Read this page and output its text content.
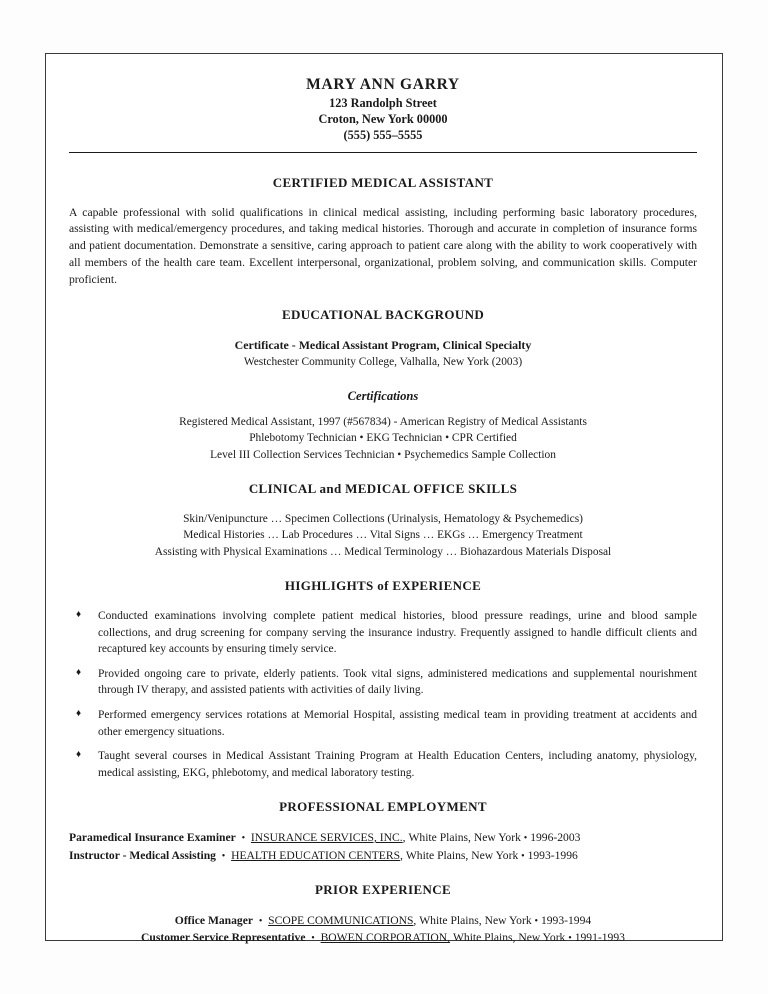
MARY ANN GARRY
123 Randolph Street
Croton, New York 00000
(555) 555–5555
CERTIFIED MEDICAL ASSISTANT

A capable professional with solid qualifications in clinical medical assisting, including performing basic laboratory procedures, assisting with medical/emergency procedures, and taking medical histories. Thorough and accurate in completion of insurance forms and patient documentation. Demonstrate a sensitive, caring approach to patient care along with the ability to work cooperatively with all members of the health care team. Excellent interpersonal, organizational, problem solving, and communication skills. Computer proficient.

EDUCATIONAL BACKGROUND
Certificate - Medical Assistant Program, Clinical Specialty
Westchester Community College, Valhalla, New York (2003)
Certifications
Registered Medical Assistant, 1997 (#567834) - American Registry of Medical Assistants
Phlebotomy Technician • EKG Technician • CPR Certified
Level III Collection Services Technician • Psychemedics Sample Collection
CLINICAL and MEDICAL OFFICE SKILLS
Skin/Venipuncture … Specimen Collections (Urinalysis, Hematology & Psychemedics)
Medical Histories … Lab Procedures … Vital Signs … EKGs … Emergency Treatment
Assisting with Physical Examinations … Medical Terminology … Biohazardous Materials Disposal
HIGHLIGHTS of EXPERIENCE
♦ Conducted examinations involving complete patient medical histories, blood pressure readings, urine and blood sample collections, and drug screening for company serving the insurance industry. Frequently assigned to handle difficult clients and recaptured key accounts by ensuring timely service.
♦ Provided ongoing care to private, elderly patients. Took vital signs, administered medications and supplemental nourishment through IV therapy, and assisted patients with activities of daily living.
♦ Performed emergency services rotations at Memorial Hospital, assisting medical team in providing treatment at accidents and other emergency situations.
♦ Taught several courses in Medical Assistant Training Program at Health Education Centers, including anatomy, physiology, medical assisting, EKG, phlebotomy, and medical laboratory testing.
PROFESSIONAL EMPLOYMENT
Paramedical Insurance Examiner • INSURANCE SERVICES, INC., White Plains, New York • 1996-2003
Instructor - Medical Assisting • HEALTH EDUCATION CENTERS, White Plains, New York • 1993-1996
PRIOR EXPERIENCE
Office Manager • SCOPE COMMUNICATIONS, White Plains, New York • 1993-1994
Customer Service Representative • BOWEN CORPORATION, White Plains, New York • 1991-1993
